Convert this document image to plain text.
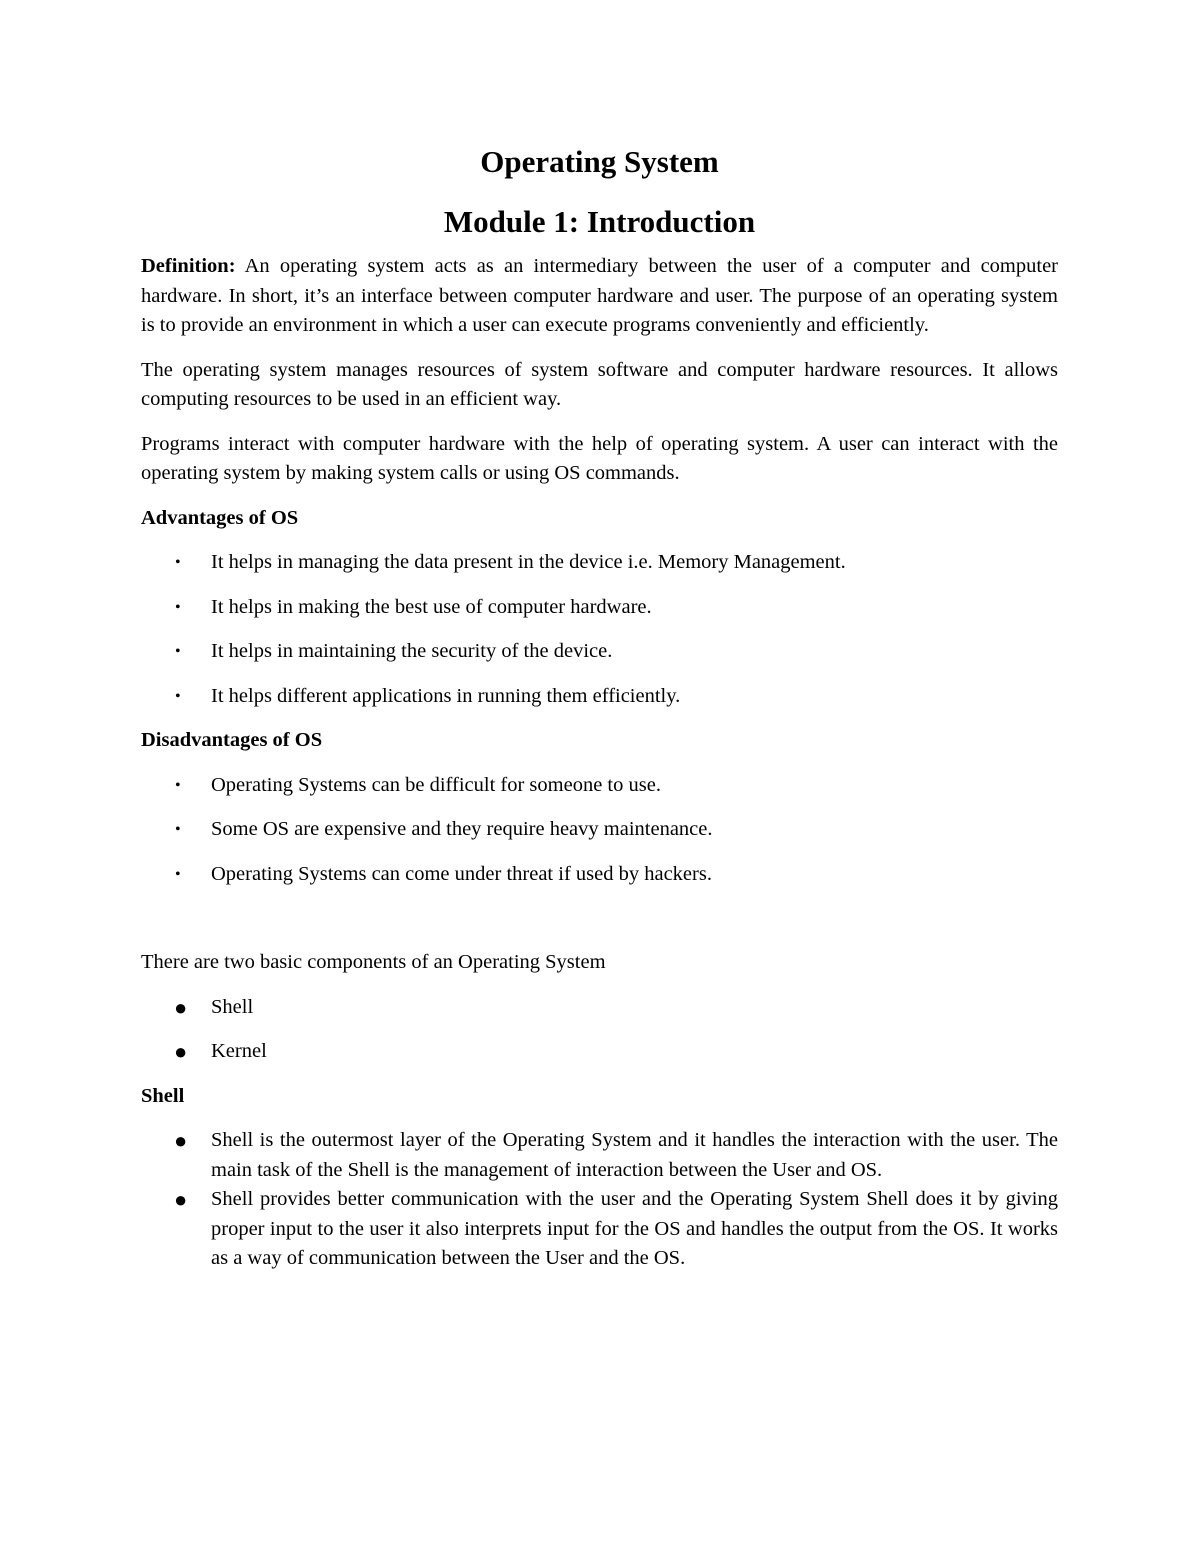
Operating System
Module 1: Introduction

Definition: An operating system acts as an intermediary between the user of a computer and computer hardware. In short, it’s an interface between computer hardware and user. The purpose of an operating system is to provide an environment in which a user can execute programs conveniently and efficiently.

The operating system manages resources of system software and computer hardware resources. It allows computing resources to be used in an efficient way.

Programs interact with computer hardware with the help of operating system. A user can interact with the operating system by making system calls or using OS commands.

Advantages of OS
• It helps in managing the data present in the device i.e. Memory Management.
• It helps in making the best use of computer hardware.
• It helps in maintaining the security of the device.
• It helps different applications in running them efficiently.
Disadvantages of OS
• Operating Systems can be difficult for someone to use.
• Some OS are expensive and they require heavy maintenance.
• Operating Systems can come under threat if used by hackers.

There are two basic components of an Operating System

● Shell
● Kernel
Shell
● Shell is the outermost layer of the Operating System and it handles the interaction with the user. The main task of the Shell is the management of interaction between the User and OS.
● Shell provides better communication with the user and the Operating System Shell does it by giving proper input to the user it also interprets input for the OS and handles the output from the OS. It works as a way of communication between the User and the OS.
